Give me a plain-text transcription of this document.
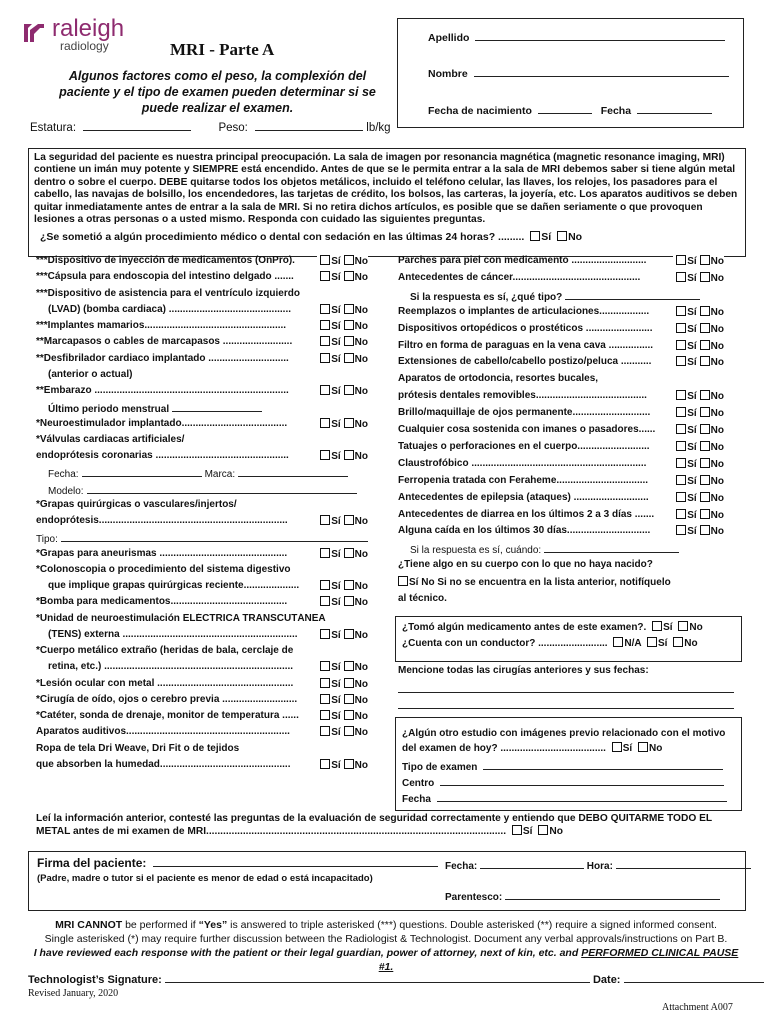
raleigh
radiology	MRI - Parte A
Algunos factores como el peso, la complexión del paciente y el tipo de examen pueden determinar si se puede realizar el examen.
Estatura:	Peso:	lb/kg
Apellido
Nombre
Fecha de nacimiento	Fecha
La seguridad del paciente es nuestra principal preocupación. La sala de imagen por resonancia magnética (magnetic resonance imaging, MRI) contiene un imán muy potente y SIEMPRE está encendido. Antes de que se le permita entrar a la sala de MRI debemos saber si tiene algún metal dentro o sobre el cuerpo. DEBE quitarse todos los objetos metálicos, incluido el teléfono celular, las llaves, los relojes, los pasadores para el cabello, las navajas de bolsillo, los encendedores, las tarjetas de crédito, los bolsos, las carteras, la joyería, etc. Los aparatos auditivos se deben quitar inmediatamente antes de entrar a la sala de MRI. Si no retira dichos artículos, es posible que se dañen seriamente o que provoquen lesiones a otras personas o a usted mismo. Responda con cuidado las siguientes preguntas.
¿Se sometió a algún procedimiento médico o dental con sedación en las últimas 24 horas? ......... Sí No
***Dispositivo de inyección de medicamentos (OnPro).	Sí No
***Cápsula para endoscopia del intestino delgado .......	Sí No
***Dispositivo de asistencia para el ventrículo izquierdo
(LVAD) (bomba cardiaca) ............................................	Sí No
***Implantes mamarios...................................................	Sí No
**Marcapasos o cables de marcapasos .........................	Sí No
**Desfibrilador cardiaco implantado .............................	Sí No
(anterior o actual)
**Embarazo ......................................................................	Sí No
Último periodo menstrual
*Neuroestimulador implantado......................................	Sí No
*Válvulas cardiacas artificiales/
endoprótesis coronarias ................................................	Sí No
Fecha:	Marca:
Modelo:
*Grapas quirúrgicas o vasculares/injertos/
endoprótesis....................................................................	Sí No
Tipo:
*Grapas para aneurismas ..............................................	Sí No
*Colonoscopia o procedimiento del sistema digestivo
que implique grapas quirúrgicas reciente....................	Sí No
*Bomba para medicamentos..........................................	Sí No
*Unidad de neuroestimulación ELÉCTRICA TRANSCUTÁNEA
(TENS) externa ...............................................................	Sí No
*Cuerpo metálico extraño (heridas de bala, cerclaje de
retina, etc.) ....................................................................	Sí No
*Lesión ocular con metal .................................................	Sí No
*Cirugía de oído, ojos o cerebro previa ...........................	Sí No
*Catéter, sonda de drenaje, monitor de temperatura ......	Sí No
Aparatos auditivos...........................................................	Sí No
Ropa de tela Dri Weave, Dri Fit o de tejidos
que absorben la humedad...............................................	Sí No
Parches para piel con medicamento ...........................	Sí No
Antecedentes de cáncer..............................................	Sí No
Si la respuesta es sí, ¿qué tipo?
Reemplazos o implantes de articulaciones..................	Sí No
Dispositivos ortopédicos o prostéticos ........................	Sí No
Filtro en forma de paraguas en la vena cava ................	Sí No
Extensiones de cabello/cabello postizo/peluca ...........	Sí No
Aparatos de ortodoncia, resortes bucales,
prótesis dentales removibles........................................	Sí No
Brillo/maquillaje de ojos permanente............................	Sí No
Cualquier cosa sostenida con imanes o pasadores......	Sí No
Tatuajes o perforaciones en el cuerpo..........................	Sí No
Claustrofóbico ...............................................................	Sí No
Ferropenia tratada con Feraheme.................................	Sí No
Antecedentes de epilepsia (ataques) ...........................	Sí No
Antecedentes de diarrea en los últimos 2 a 3 días .......	Sí No
Alguna caída en los últimos 30 días..............................	Sí No
Si la respuesta es sí, cuándo:
¿Tiene algo en su cuerpo con lo que no haya nacido?
Sí No Si no se encuentra en la lista anterior, notifíquelo
al técnico.
¿Tomó algún medicamento antes de este examen?. Sí No
¿Cuenta con un conductor? ......................... N/A Sí No
Mencione todas las cirugías anteriores y sus fechas:
¿Algún otro estudio con imágenes previo relacionado con el motivo del examen de hoy? ...................................... Sí No
Tipo de examen
Centro
Fecha
Leí la información anterior, contesté las preguntas de la evaluación de seguridad correctamente y entiendo que DEBO QUITARME TODO EL METAL antes de mi examen de MRI.......................................................................................................... Sí No
Firma del paciente:	Fecha:	Hora:
(Padre, madre o tutor si el paciente es menor de edad o está incapacitado)
Parentesco:
MRI CANNOT be performed if “Yes” is answered to triple asterisked (***) questions. Double asterisked (**) require a signed informed consent.
Single asterisked (*) may require further discussion between the Radiologist & Technologist. Document any verbal approvals/instructions on Part B.
I have reviewed each response with the patient or their legal guardian, power of attorney, next of kin, etc. and PERFORMED CLINICAL PAUSE #1.
Technologist’s Signature:	Date:
Revised January, 2020
Attachment A007
